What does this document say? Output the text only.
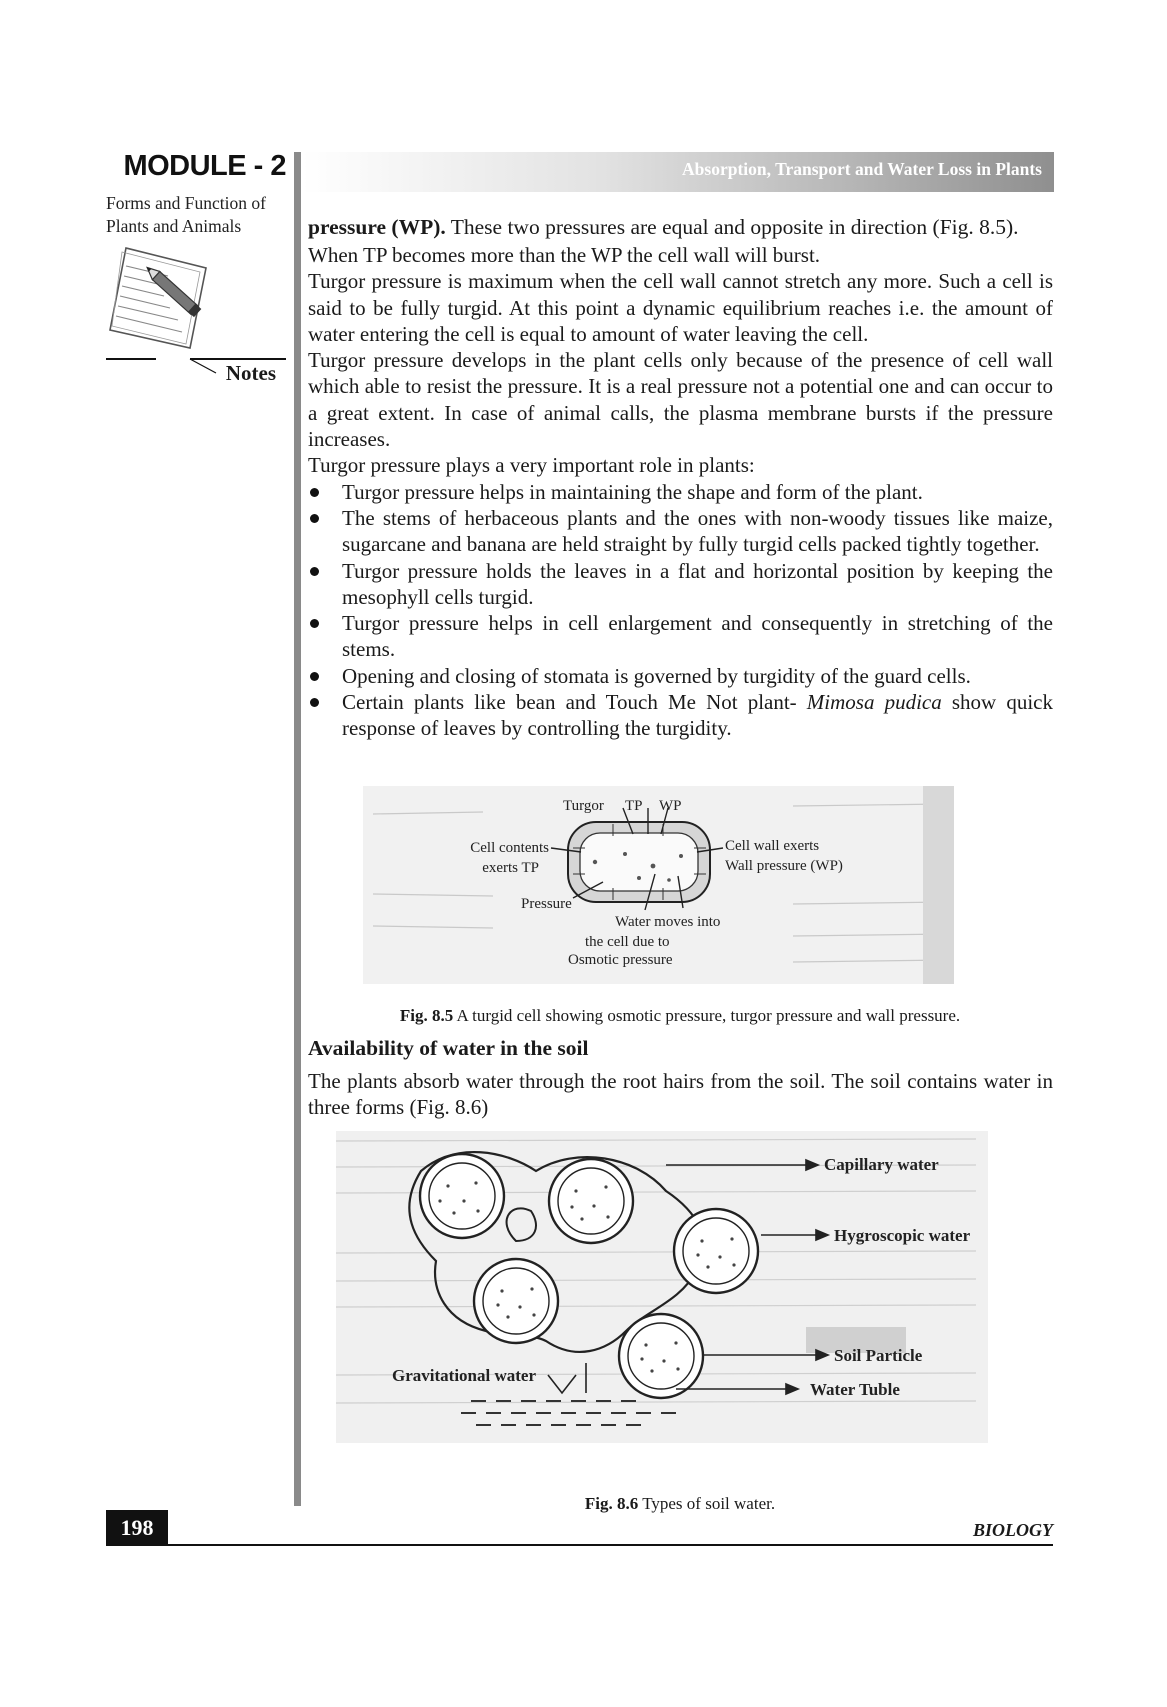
MODULE - 2
Forms and Function of Plants and Animals
Notes
Absorption, Transport and Water Loss in Plants

pressure (WP). These two pressures are equal and opposite in direction (Fig. 8.5).

When TP becomes more than the WP the cell wall will burst.

Turgor pressure is maximum when the cell wall cannot stretch any more. Such a cell is said to be fully turgid. At this point a dynamic equilibrium reaches i.e. the amount of water entering the cell is equal to amount of water leaving the cell.

Turgor pressure develops in the plant cells only because of the presence of cell wall which able to resist the pressure. It is a real pressure not a potential one and can occur to a great extent. In case of animal calls, the plasma membrane bursts if the pressure increases.

Turgor pressure plays a very important role in plants:

Turgor pressure helps in maintaining the shape and form of the plant.
The stems of herbaceous plants and the ones with non-woody tissues like maize, sugarcane and banana are held straight by fully turgid cells packed tightly together.
Turgor pressure holds the leaves in a flat and horizontal position by keeping the mesophyll cells turgid.
Turgor pressure helps in cell enlargement and consequently in stretching of the stems.
Opening and closing of stomata is governed by turgidity of the guard cells.
Certain plants like bean and Touch Me Not plant- Mimosa pudica show quick response of leaves by controlling the turgidity.
Turgor TP WP
Cell contents
exerts TP
Cell wall exerts
Wall pressure (WP)
Pressure
Water moves into
the cell due to
Osmotic pressure
Fig. 8.5 A turgid cell showing osmotic pressure, turgor pressure and wall pressure.
Availability of water in the soil

The plants absorb water through the root hairs from the soil. The soil contains water in three forms (Fig. 8.6)

Capillary water
Hygroscopic water
Soil Particle
Water Tuble
Gravitational water
Fig. 8.6 Types of soil water.
198	BIOLOGY
